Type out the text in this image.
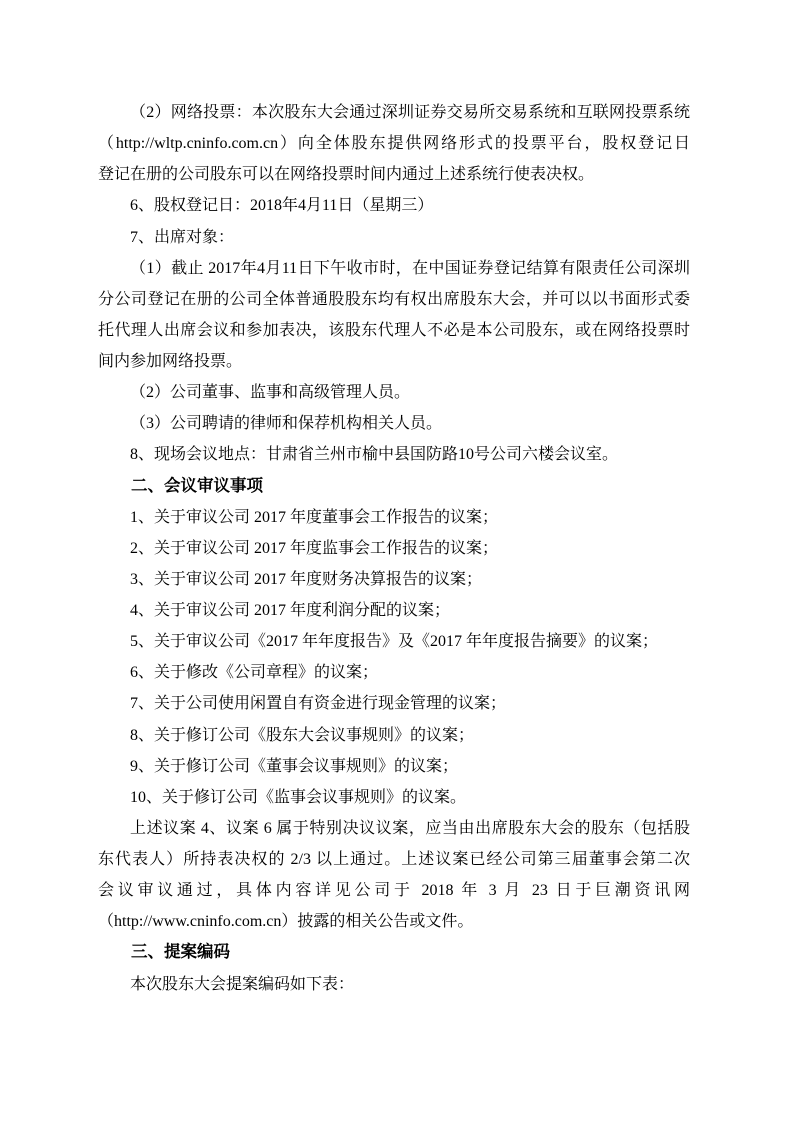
（2）网络投票：本次股东大会通过深圳证券交易所交易系统和互联网投票系统
（http://wltp.cninfo.com.cn）向全体股东提供网络形式的投票平台，股权登记日
登记在册的公司股东可以在网络投票时间内通过上述系统行使表决权。
6、股权登记日：2018年4月11日（星期三）
7、出席对象：
（1）截止 2017年4月11日下午收市时，在中国证券登记结算有限责任公司深圳
分公司登记在册的公司全体普通股股东均有权出席股东大会，并可以以书面形式委
托代理人出席会议和参加表决，该股东代理人不必是本公司股东，或在网络投票时
间内参加网络投票。
（2）公司董事、监事和高级管理人员。
（3）公司聘请的律师和保荐机构相关人员。
8、现场会议地点：甘肃省兰州市榆中县国防路10号公司六楼会议室。
二、会议审议事项
1、关于审议公司 2017 年度董事会工作报告的议案；
2、关于审议公司 2017 年度监事会工作报告的议案；
3、关于审议公司 2017 年度财务决算报告的议案；
4、关于审议公司 2017 年度利润分配的议案；
5、关于审议公司《2017 年年度报告》及《2017 年年度报告摘要》的议案；
6、关于修改《公司章程》的议案；
7、关于公司使用闲置自有资金进行现金管理的议案；
8、关于修订公司《股东大会议事规则》的议案；
9、关于修订公司《董事会议事规则》的议案；
10、关于修订公司《监事会议事规则》的议案。
上述议案 4、议案 6 属于特别决议议案，应当由出席股东大会的股东（包括股
东代表人）所持表决权的 2/3 以上通过。上述议案已经公司第三届董事会第二次
会议审议通过，具体内容详见公司于 2018 年 3 月 23 日于巨潮资讯网
（http://www.cninfo.com.cn）披露的相关公告或文件。
三、提案编码
本次股东大会提案编码如下表：
